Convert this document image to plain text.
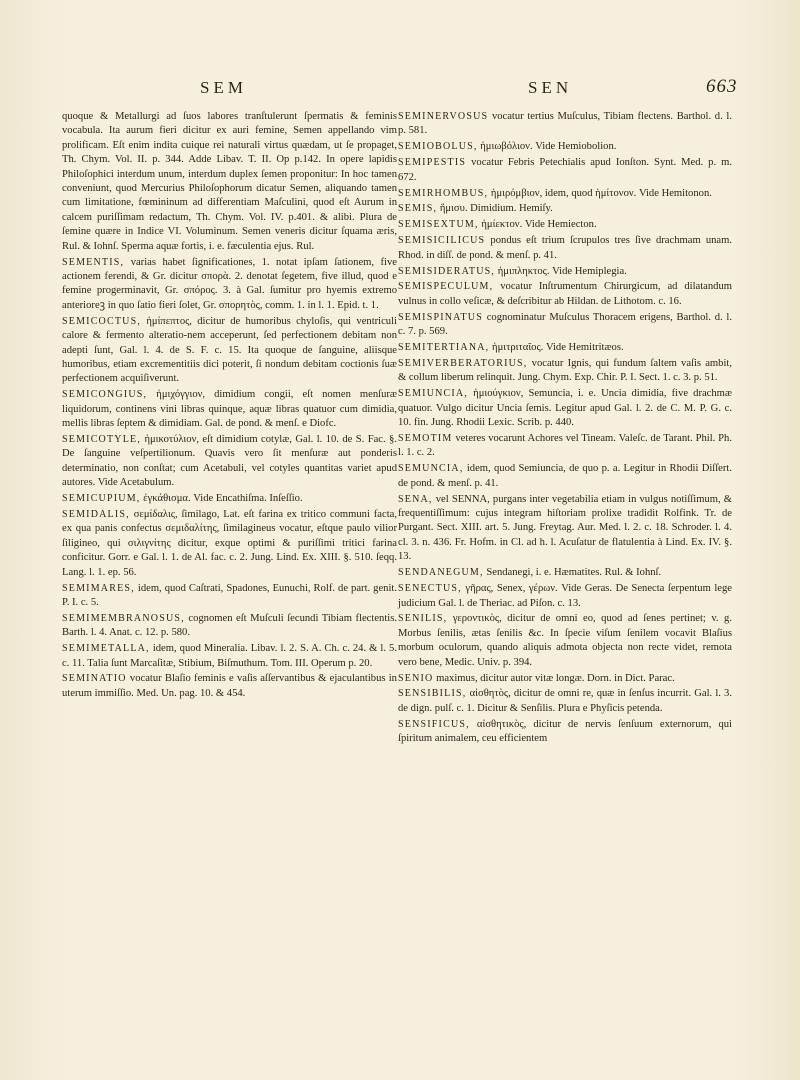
SEM	SEN	663

quoque & Metallurgi ad ſuos labores tranſtulerunt ſpermatis & feminis vocabula. Ita aurum fieri dicitur ex auri femine, Semen appellando vim prolificam. Eſt enim indita cuique rei naturali virtus quædam, ut ſe propaget, Th. Chym. Vol. II. p. 344. Adde Libav. T. II. Op p.142. In opere lapidis Philoſophici interdum unum, interdum duplex ſemen proponitur: In hoc tamen conveniunt, quod Mercurius Philoſophorum dicatur Semen, aliquando tamen cum limitatione, fœmininum ad differentiam Maſculini, quod eſt Aurum in calcem puriſſimam redactum, Th. Chym. Vol. IV. p.401. & alibi. Plura de ſemine quære in Indice VI. Voluminum. Semen veneris dicitur ſquama æris, Rul. & Iohnſ. Sperma aquæ fortis, i. e. fæculentia ejus. Rul.

SEMENTIS, varias habet ſignificationes, 1. notat ipſam ſationem, five actionem ferendi, & Gr. dicitur σπορὰ. 2. denotat ſegetem, five illud, quod e femine progerminavit, Gr. σπόρος. 3. à Gal. ſumitur pro hyemis extremo anterioreꝫ in quo ſatio fieri ſolet, Gr. σπορητὸς, comm. 1. in l. 1. Epid. t. 1.

SEMICOCTUS, ἡμίπεπτος, dicitur de humoribus chyloſis, qui ventriculi calore & fermento alteratio-nem acceperunt, ſed perfectionem debitam non adepti ſunt, Gal. l. 4. de S. F. c. 15. Ita quoque de ſanguine, aliisque humoribus, etiam excrementitiis dici poterit, ſi nondum debitam coctionis ſuæ perfectionem acquiſiverunt.

SEMICONGIUS, ἡμιχόγγιον, dimidium congii, eſt nomen menſuræ liquidorum, continens vini libras quinque, aquæ libras quatuor cum dimidia, mellis libras ſeptem & dimidiam. Gal. de pond. & menſ. e Diofc.

SEMICOTYLE, ἡμικοτύλιον, eſt dimidium cotylæ, Gal. l. 10. de S. Fac. §. De ſanguine veſpertilionum. Quavis vero ſit menſuræ aut ponderis determinatio, non conſtat; cum Acetabuli, vel cotyles quantitas variet apud autores. Vide Acetabulum.

SEMICUPIUM, ἐγκάθισμα. Vide Encathiſma. Inſeſſio.

SEMIDALIS, σεμίδαλις, ſimilago, Lat. eſt farina ex tritico communi facta, ex qua panis confectus σεμιδαλίτης, ſimilagineus vocatur, eſtque paulo vilior ſiligineo, qui σιλιγνίτης dicitur, exque optimi & puriſſimi tritici farina conficitur. Gorr. e Gal. l. 1. de Al. fac. c. 2. Jung. Lind. Ex. XIII. §. 510. ſeqq. Lang. l. 1. ep. 56.

SEMIMARES, idem, quod Caſtrati, Spadones, Eunuchi, Rolf. de part. genit. P. I. c. 5.

SEMIMEMBRANOSUS, cognomen eſt Muſculi ſecundi Tibiam flectentis. Barth. l. 4. Anat. c. 12. p. 580.

SEMIMETALLA, idem, quod Mineralia. Libav. l. 2. S. A. Ch. c. 24. & l. 5. c. 11. Talia ſunt Marcaſitæ, Stibium, Biſmuthum. Tom. III. Operum p. 20.

SEMINATIO vocatur Blaſio feminis e vaſis aſſervantibus & ejaculantibus in uterum immiſſio. Med. Un. pag. 10. & 454.

SEMINERVOSUS vocatur tertius Muſculus, Tibiam flectens. Barthol. d. l. p. 581.

SEMIOBOLUS, ἡμιωβόλιον. Vide Hemiobolion.

SEMIPESTIS vocatur Febris Petechialis apud Ionſton. Synt. Med. p. m. 672.

SEMIRHOMBUS, ἡμιρόμβιον, idem, quod ἡμίτονον. Vide Hemitonon.

SEMIS, ἥμισυ. Dimidium. Hemiſy.

SEMISEXTUM, ἡμίεκτον. Vide Hemiecton.

SEMISICILICUS pondus eſt trium ſcrupulos tres ſive drachmam unam. Rhod. in diſſ. de pond. & menſ. p. 41.

SEMISIDERATUS, ἡμιπληκτος. Vide Hemiplegia.

SEMISPECULUM, vocatur Inſtrumentum Chirurgicum, ad dilatandum vulnus in collo veſicæ, & deſcribitur ab Hildan. de Lithotom. c. 16.

SEMISPINATUS cognominatur Muſculus Thoracem erigens, Barthol. d. l. c. 7. p. 569.

SEMITERTIANA, ἡμιτριταῖος. Vide Hemitritæos.

SEMIVERBERATORIUS, vocatur Ignis, qui fundum ſaltem vaſis ambit, & collum liberum relinquit. Jung. Chym. Exp. Chir. P. I. Sect. 1. c. 3. p. 51.

SEMIUNCIA, ἡμιούγκιον, Semuncia, i. e. Uncia dimidia, five drachmæ quatuor. Vulgo dicitur Uncia ſemis. Legitur apud Gal. l. 2. de C. M. P. G. c. 10. fin. Jung. Rhodii Lexic. Scrib. p. 440.

SEMOTIM veteres vocarunt Achores vel Tineam. Valeſc. de Tarant. Phil. Ph. l. 1. c. 2.

SEMUNCIA, idem, quod Semiuncia, de quo p. a. Legitur in Rhodii Diſſert. de pond. & menſ. p. 41.

SENA, vel SENNA, purgans inter vegetabilia etiam in vulgus notiſſimum, & frequentiſſimum: cujus integram hiſtoriam prolixe tradidit Rolfink. Tr. de Purgant. Sect. XIII. art. 5. Jung. Freytag. Aur. Med. l. 2. c. 18. Schroder. l. 4. cl. 3. n. 436. Fr. Hofm. in Cl. ad h. l. Acuſatur de flatulentia à Lind. Ex. IV. §. 13.

SENDANEGUM, Sendanegi, i. e. Hæmatites. Rul. & Iohnſ.

SENECTUS, γῆρας, Senex, γέρων. Vide Geras. De Senecta ſerpentum lege judicium Gal. l. de Theriac. ad Piſon. c. 13.

SENILIS, γεροντικὸς, dicitur de omni eo, quod ad ſenes pertinet; v. g. Morbus ſenilis, ætas ſenilis &c. In ſpecie viſum ſenilem vocavit Blaſius morbum oculorum, quando aliquis admota objecta non recte videt, remota vero bene, Medic. Univ. p. 394.

SENIO maximus, dicitur autor vitæ longæ. Dorn. in Dict. Parac.

SENSIBILIS, αἰσθητὸς, dicitur de omni re, quæ in ſenſus incurrit. Gal. l. 3. de dign. pulſ. c. 1. Dicitur & Senſilis. Plura e Phyſicis petenda.

SENSIFICUS, αἰσθητικὸς, dicitur de nervis ſenſuum externorum, qui ſpiritum animalem, ceu efficientem
